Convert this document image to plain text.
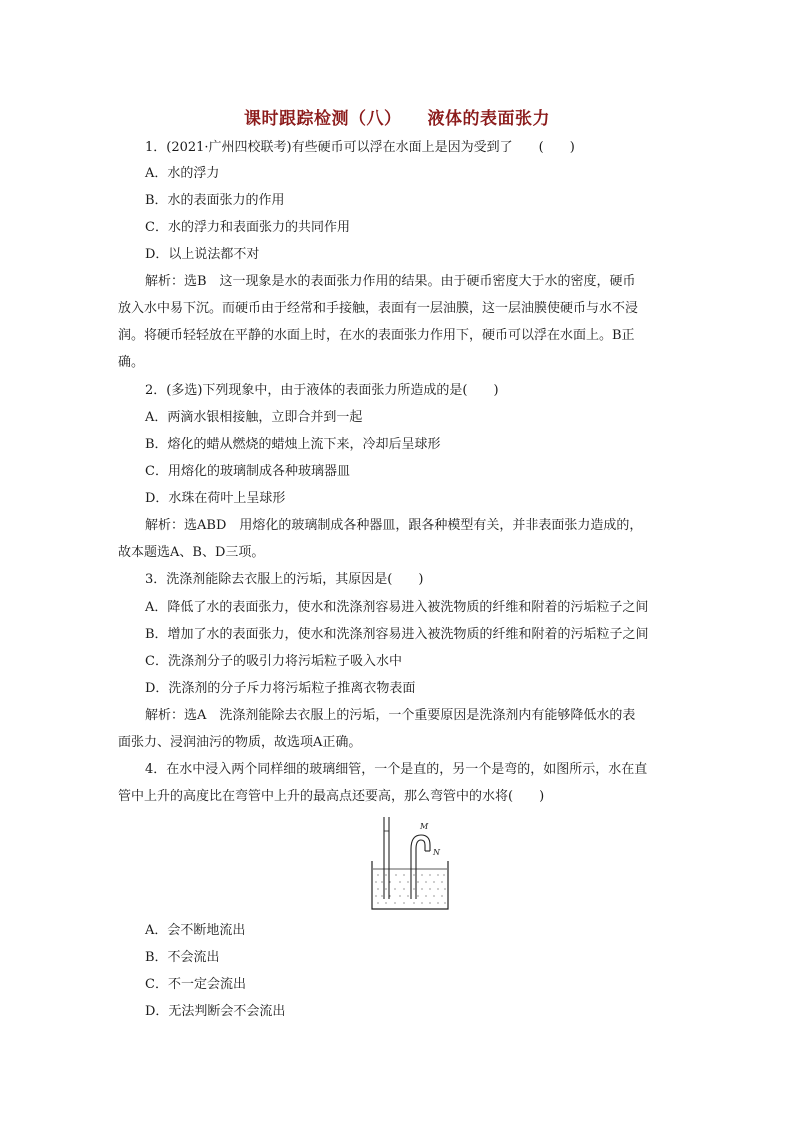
课时跟踪检测（八） 液体的表面张力
1．(2021·广州四校联考)有些硬币可以浮在水面上是因为受到了　　(　　)
A．水的浮力
B．水的表面张力的作用
C．水的浮力和表面张力的共同作用
D．以上说法都不对
解析：选B　这一现象是水的表面张力作用的结果。由于硬币密度大于水的密度，硬币
放入水中易下沉。而硬币由于经常和手接触，表面有一层油膜，这一层油膜使硬币与水不浸
润。将硬币轻轻放在平静的水面上时，在水的表面张力作用下，硬币可以浮在水面上。B正
确。
2．(多选)下列现象中，由于液体的表面张力所造成的是(　　)
A．两滴水银相接触，立即合并到一起
B．熔化的蜡从燃烧的蜡烛上流下来，冷却后呈球形
C．用熔化的玻璃制成各种玻璃器皿
D．水珠在荷叶上呈球形
解析：选ABD　用熔化的玻璃制成各种器皿，跟各种模型有关，并非表面张力造成的，
故本题选A、B、D三项。
3．洗涤剂能除去衣服上的污垢，其原因是(　　)
A．降低了水的表面张力，使水和洗涤剂容易进入被洗物质的纤维和附着的污垢粒子之间
B．增加了水的表面张力，使水和洗涤剂容易进入被洗物质的纤维和附着的污垢粒子之间
C．洗涤剂分子的吸引力将污垢粒子吸入水中
D．洗涤剂的分子斥力将污垢粒子推离衣物表面
解析：选A　洗涤剂能除去衣服上的污垢，一个重要原因是洗涤剂内有能够降低水的表
面张力、浸润油污的物质，故选项A正确。
4．在水中浸入两个同样细的玻璃细管，一个是直的，另一个是弯的，如图所示，水在直
管中上升的高度比在弯管中上升的最高点还要高，那么弯管中的水将(　　)
M
N
A．会不断地流出
B．不会流出
C．不一定会流出
D．无法判断会不会流出
